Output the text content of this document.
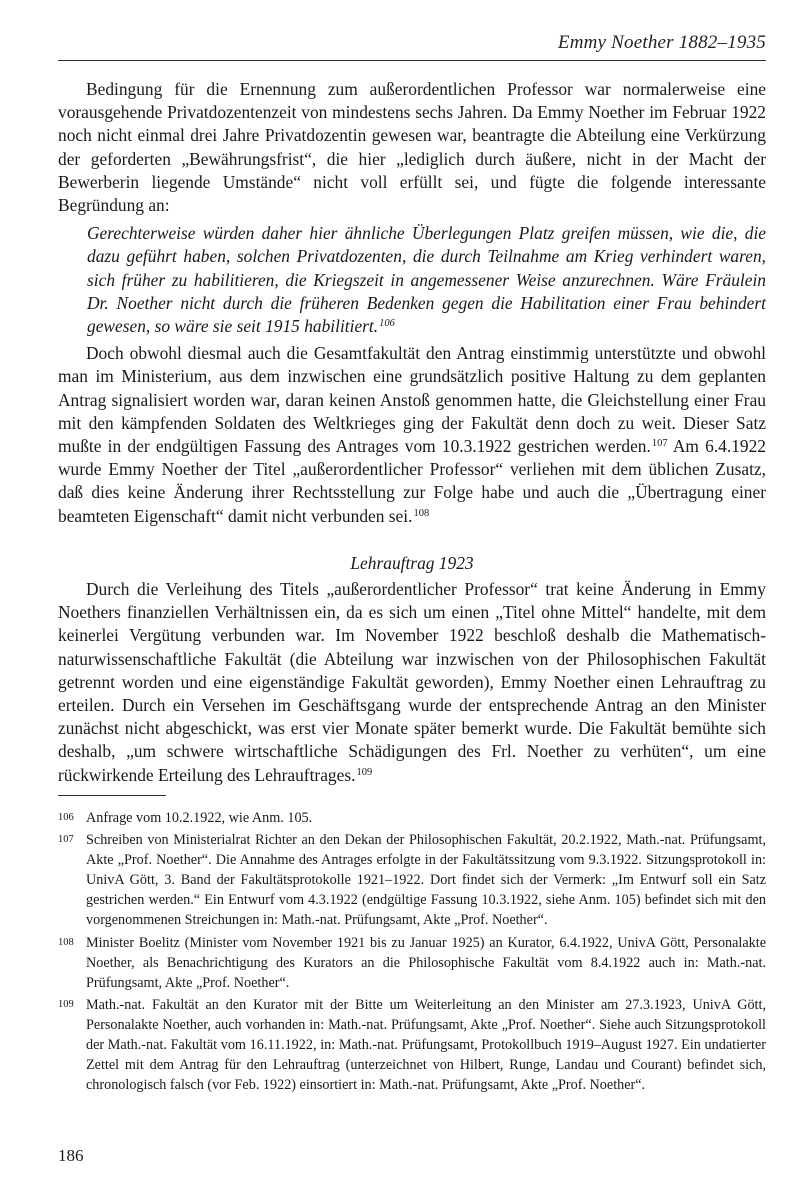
Emmy Noether 1882–1935

Bedingung für die Ernennung zum außerordentlichen Professor war normalerweise eine vorausgehende Privatdozentenzeit von mindestens sechs Jahren. Da Emmy Noether im Februar 1922 noch nicht einmal drei Jahre Privatdozentin gewesen war, beantragte die Abteilung eine Verkürzung der geforderten „Bewährungsfrist“, die hier „lediglich durch äußere, nicht in der Macht der Bewerberin liegende Umstände“ nicht voll erfüllt sei, und fügte die folgende interessante Begründung an:

Gerechterweise würden daher hier ähnliche Überlegungen Platz greifen müssen, wie die, die dazu geführt haben, solchen Privatdozenten, die durch Teilnahme am Krieg verhindert waren, sich früher zu habilitieren, die Kriegszeit in angemessener Weise anzurechnen. Wäre Fräulein Dr. Noether nicht durch die früheren Bedenken gegen die Habilitation einer Frau behindert gewesen, so wäre sie seit 1915 habilitiert.$^{106}$

Doch obwohl diesmal auch die Gesamtfakultät den Antrag einstimmig unterstützte und obwohl man im Ministerium, aus dem inzwischen eine grundsätzlich positive Haltung zu dem geplanten Antrag signalisiert worden war, daran keinen Anstoß genommen hatte, die Gleichstellung einer Frau mit den kämpfenden Soldaten des Weltkrieges ging der Fakultät denn doch zu weit. Dieser Satz mußte in der endgültigen Fassung des Antrages vom 10.3.1922 gestrichen werden.$^{107}$ Am 6.4.1922 wurde Emmy Noether der Titel „außerordentlicher Professor“ verliehen mit dem üblichen Zusatz, daß dies keine Änderung ihrer Rechtsstellung zur Folge habe und auch die „Übertragung einer beamteten Eigenschaft“ damit nicht verbunden sei.$^{108}$

Lehrauftrag 1923

Durch die Verleihung des Titels „außerordentlicher Professor“ trat keine Änderung in Emmy Noethers finanziellen Verhältnissen ein, da es sich um einen „Titel ohne Mittel“ handelte, mit dem keinerlei Vergütung verbunden war. Im November 1922 beschloß deshalb die Mathematisch-naturwissenschaftliche Fakultät (die Abteilung war inzwischen von der Philosophischen Fakultät getrennt worden und eine eigenständige Fakultät geworden), Emmy Noether einen Lehrauftrag zu erteilen. Durch ein Versehen im Geschäftsgang wurde der entsprechende Antrag an den Minister zunächst nicht abgeschickt, was erst vier Monate später bemerkt wurde. Die Fakultät bemühte sich deshalb, „um schwere wirtschaftliche Schädigungen des Frl. Noether zu verhüten“, um eine rückwirkende Erteilung des Lehrauftrages.$^{109}$

106 Anfrage vom 10.2.1922, wie Anm. 105.
107 Schreiben von Ministerialrat Richter an den Dekan der Philosophischen Fakultät, 20.2.1922, Math.-nat. Prüfungsamt, Akte „Prof. Noether“. Die Annahme des Antrages erfolgte in der Fakultätssitzung vom 9.3.1922. Sitzungsprotokoll in: UnivA Gött, 3. Band der Fakultätsprotokolle 1921–1922. Dort findet sich der Vermerk: „Im Entwurf soll ein Satz gestrichen werden.“ Ein Entwurf vom 4.3.1922 (endgültige Fassung 10.3.1922, siehe Anm. 105) befindet sich mit den vorgenommenen Streichungen in: Math.-nat. Prüfungsamt, Akte „Prof. Noether“.
108 Minister Boelitz (Minister vom November 1921 bis zu Januar 1925) an Kurator, 6.4.1922, UnivA Gött, Personalakte Noether, als Benachrichtigung des Kurators an die Philosophische Fakultät vom 8.4.1922 auch in: Math.-nat. Prüfungsamt, Akte „Prof. Noether“.
109 Math.-nat. Fakultät an den Kurator mit der Bitte um Weiterleitung an den Minister am 27.3.1923, UnivA Gött, Personalakte Noether, auch vorhanden in: Math.-nat. Prüfungsamt, Akte „Prof. Noether“. Siehe auch Sitzungsprotokoll der Math.-nat. Fakultät vom 16.11.1922, in: Math.-nat. Prüfungsamt, Protokollbuch 1919–August 1927. Ein undatierter Zettel mit dem Antrag für den Lehrauftrag (unterzeichnet von Hilbert, Runge, Landau und Courant) befindet sich, chronologisch falsch (vor Feb. 1922) einsortiert in: Math.-nat. Prüfungsamt, Akte „Prof. Noether“.
186
